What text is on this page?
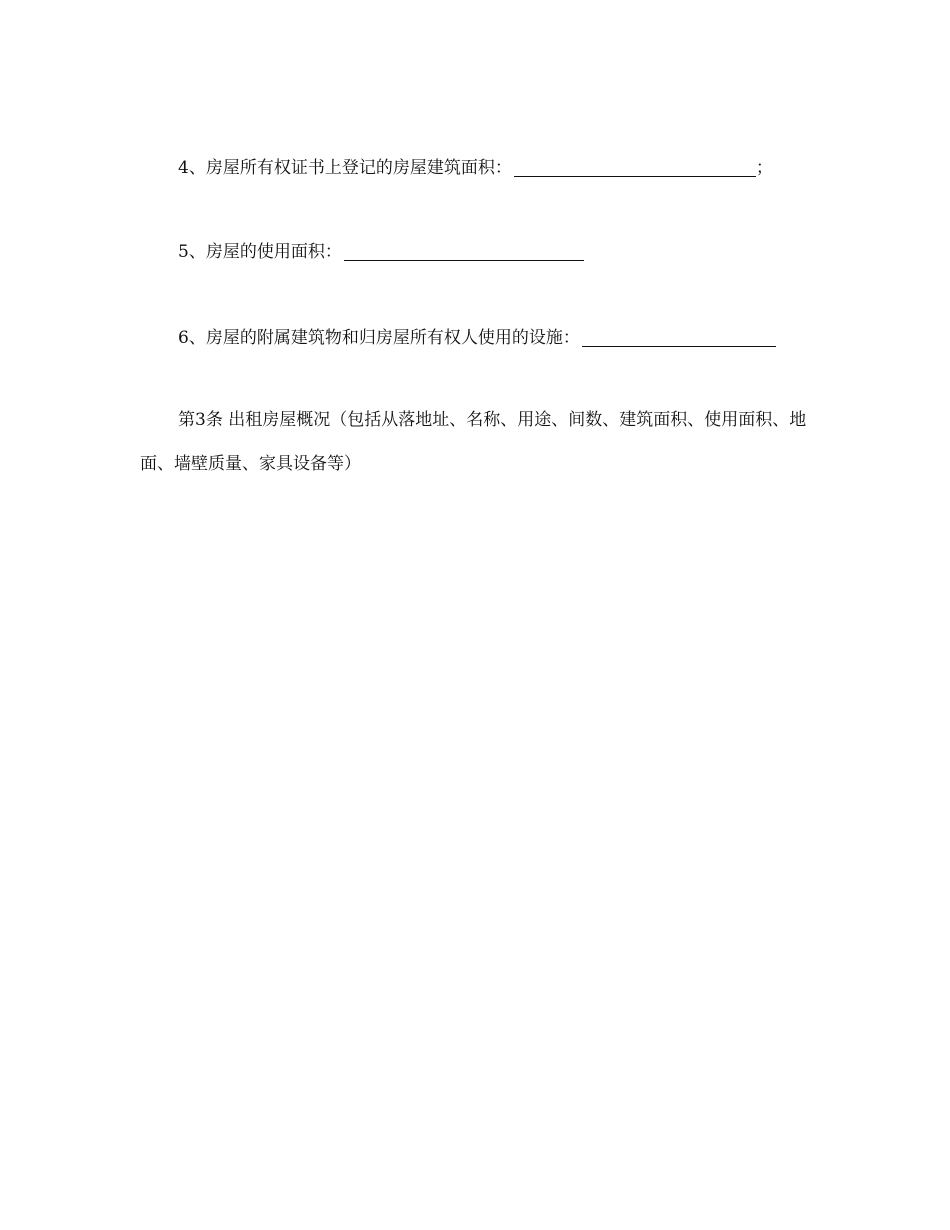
4、房屋所有权证书上登记的房屋建筑面积：	；
5、房屋的使用面积：
6、房屋的附属建筑物和归房屋所有权人使用的设施：
第3条 出租房屋概况（包括从落地址、名称、用途、间数、建筑面积、使用面积、地面、墙壁质量、家具设备等）
